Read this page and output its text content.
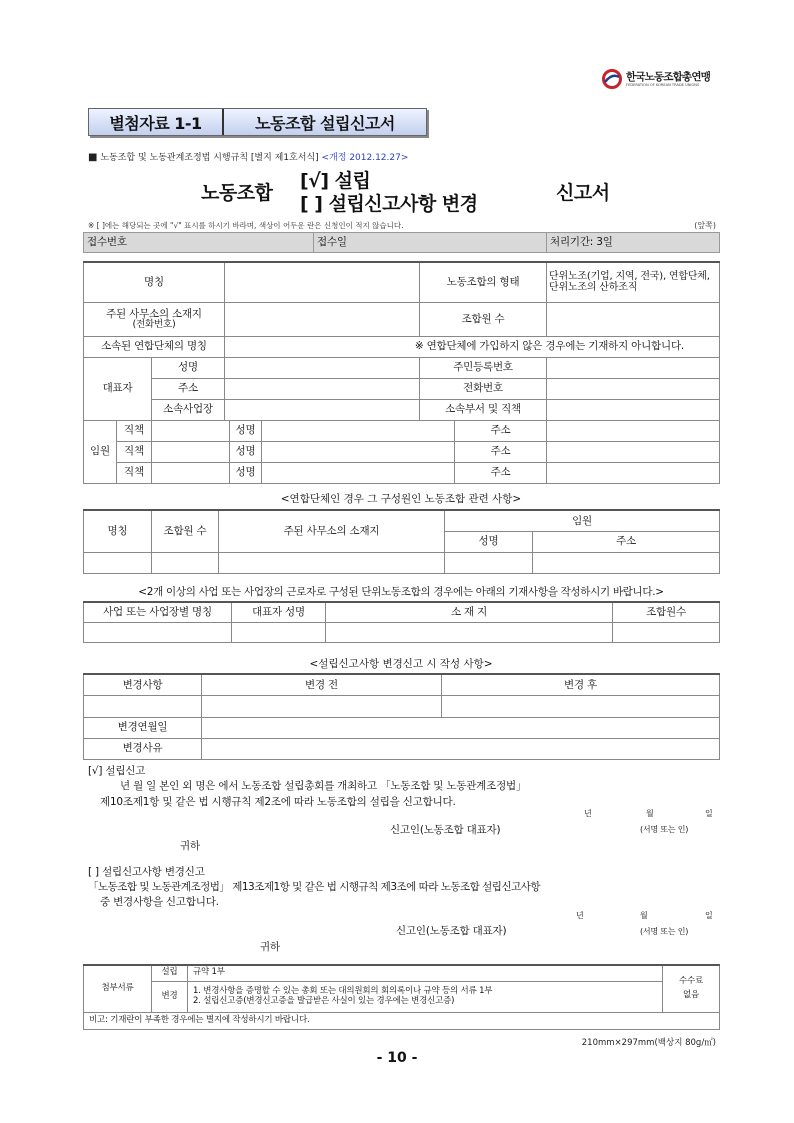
한국노동조합총연맹
FEDERATION OF KOREAN TRADE UNIONS
별첨자료 1-1	노동조합 설립신고서
■ 노동조합 및 노동관계조정법 시행규칙 [별지 제1호서식] <개정 2012.12.27>
노동조합
[√] 설립
[ ] 설립신고사항 변경	신고서
※ [ ]에는 해당되는 곳에 "√" 표시를 하시기 바라며, 색상이 어두운 란은 신청인이 적지 않습니다.	(앞쪽)
접수번호	접수일	처리기간: 3일
명칭						노동조합의 형태		단위노조(기업, 지역, 전국), 연합단체, 단위노조의 산하조직

주된 사무소의 소재지
(전화번호)						조합원 수		
소속된 연합단체의 명칭			※ 연합단체에 가입하지 않은 경우에는 기재하지 아니합니다.					
대표자		성명				주민등록번호		
		주소				전화번호		
		소속사업장				소속부서 및 직책		
임원	직책			성명			주소	
	직책			성명			주소	
	직책			성명			주소	
<연합단체인 경우 그 구성원인 노동조합 관련 사항>
명칭	조합원 수	주된 사무소의 소재지	임원	
			성명	주소

<2개 이상의 사업 또는 사업장의 근로자로 구성된 단위노동조합의 경우에는 아래의 기재사항을 작성하시기 바랍니다.>
사업 또는 사업장별 명칭	대표자 성명	소 재 지	조합원수

<설립신고사항 변경신고 시 작성 사항>
변경사항	변경 전	변경 후

변경연월일		
변경사유		
[√] 설립신고
년 월 일 본인 외 명은 에서 노동조합 설립총회를 개최하고 「노동조합 및 노동관계조정법」
제10조제1항 및 같은 법 시행규칙 제2조에 따라 노동조합의 설립을 신고합니다.
년	월	일
신고인(노동조합 대표자)	(서명 또는 인)
귀하
[ ] 설립신고사항 변경신고
「노동조합 및 노동관계조정법」 제13조제1항 및 같은 법 시행규칙 제3조에 따라 노동조합 설립신고사항
중 변경사항을 신고합니다.
년	월	일
신고인(노동조합 대표자)	(서명 또는 인)
귀하
첨부서류	설립	규약 1부	수수료
없음

	변경	1. 변경사항을 증명할 수 있는 총회 또는 대의원회의 회의록이나 규약 등의 서류 1부
2. 설립신고증(변경신고증을 발급받은 사실이 있는 경우에는 변경신고증)	

비고: 기재란이 부족한 경우에는 별지에 작성하시기 바랍니다.			
210mm×297mm(백상지 80g/㎡)
- 10 -
